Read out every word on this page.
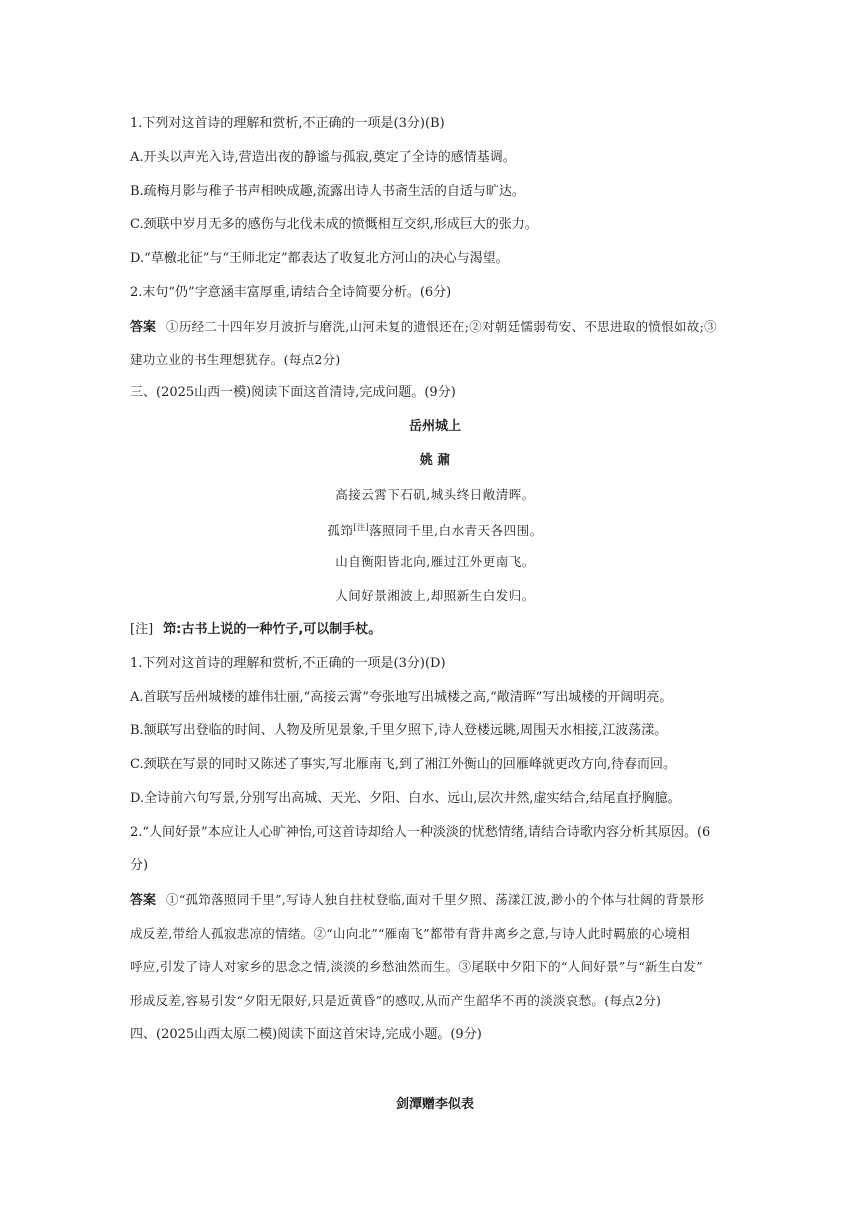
1.下列对这首诗的理解和赏析,不正确的一项是(3分)(B)
A.开头以声光入诗,营造出夜的静谧与孤寂,奠定了全诗的感情基调。
B.疏梅月影与稚子书声相映成趣,流露出诗人书斋生活的自适与旷达。
C.颈联中岁月无多的感伤与北伐未成的愤慨相互交织,形成巨大的张力。
D.“草檄北征”与“王师北定”都表达了收复北方河山的决心与渴望。
2.末句“仍”字意涵丰富厚重,请结合全诗简要分析。(6分)
答案 ①历经二十四年岁月波折与磨洗,山河未复的遗恨还在;②对朝廷懦弱苟安、不思进取的愤恨如故;③
建功立业的书生理想犹存。(每点2分)
三、(2025山西一模)阅读下面这首清诗,完成问题。(9分)
岳州城上
姚 鼐
高接云霄下石矶,城头终日敞清晖。
孤笻[注]落照同千里,白水青天各四围。
山自衡阳皆北向,雁过江外更南飞。
人间好景湘波上,却照新生白发归。
[注] 笻:古书上说的一种竹子,可以制手杖。
1.下列对这首诗的理解和赏析,不正确的一项是(3分)(D)
A.首联写岳州城楼的雄伟壮丽,“高接云霄”夸张地写出城楼之高,“敞清晖”写出城楼的开阔明亮。
B.颔联写出登临的时间、人物及所见景象,千里夕照下,诗人登楼远眺,周围天水相接,江波荡漾。
C.颈联在写景的同时又陈述了事实,写北雁南飞,到了湘江外衡山的回雁峰就更改方向,待春而回。
D.全诗前六句写景,分别写出高城、天光、夕阳、白水、远山,层次井然,虚实结合,结尾直抒胸臆。
2.“人间好景”本应让人心旷神怡,可这首诗却给人一种淡淡的忧愁情绪,请结合诗歌内容分析其原因。(6
分)
答案 ①“孤笻落照同千里”,写诗人独自拄杖登临,面对千里夕照、荡漾江波,渺小的个体与壮阔的背景形
成反差,带给人孤寂悲凉的情绪。②“山向北”“雁南飞”都带有背井离乡之意,与诗人此时羁旅的心境相
呼应,引发了诗人对家乡的思念之情,淡淡的乡愁油然而生。③尾联中夕阳下的“人间好景”与“新生白发”
形成反差,容易引发“夕阳无限好,只是近黄昏”的感叹,从而产生韶华不再的淡淡哀愁。(每点2分)
四、(2025山西太原二模)阅读下面这首宋诗,完成小题。(9分)
剑潭赠李似表
